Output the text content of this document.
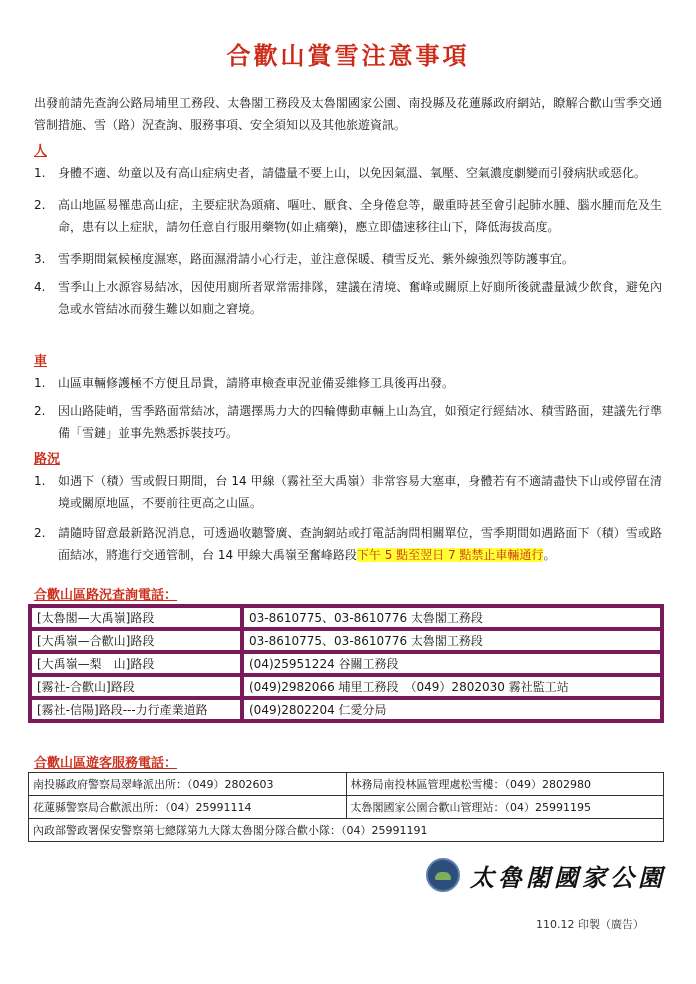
合歡山賞雪注意事項
出發前請先查詢公路局埔里工務段、太魯閣工務段及太魯閣國家公園、南投縣及花蓮縣政府網站，瞭解合歡山雪季交通管制措施、雪（路）況查詢、服務事項、安全須知以及其他旅遊資訊。
人
1.	身體不適、幼童以及有高山症病史者，請儘量不要上山，以免因氣溫、氧壓、空氣濃度劇變而引發病狀或惡化。
2.	高山地區易罹患高山症，主要症狀為頭痛、嘔吐、厭食、全身倦怠等，嚴重時甚至會引起肺水腫、腦水腫而危及生命，患有以上症狀，請勿任意自行服用藥物(如止痛藥)，應立即儘速移往山下，降低海拔高度。
3.	雪季期間氣候極度濕寒，路面濕滑請小心行走，並注意保暖、積雪反光、紫外線強烈等防護事宜。
4.	雪季山上水源容易結冰，因使用廁所者眾常需排隊，建議在清境、奮峰或關原上好廁所後就盡量減少飲食，避免內急或水管結冰而發生難以如廁之窘境。
車
1.	山區車輛修護極不方便且昂貴，請將車檢查車況並備妥維修工具後再出發。
2.	因山路陡峭，雪季路面常結冰，請選擇馬力大的四輪傳動車輛上山為宜，如預定行經結冰、積雪路面，建議先行準備「雪鏈」並事先熟悉拆裝技巧。
路況
1.	如遇下（積）雪或假日期間，台 14 甲線（霧社至大禹嶺）非常容易大塞車，身體若有不適請盡快下山或停留在清境或關原地區，不要前往更高之山區。
2.	請隨時留意最新路況消息，可透過收聽警廣、查詢網站或打電話詢問相關單位，雪季期間如遇路面下（積）雪或路面結冰，將進行交通管制，台 14 甲線大禹嶺至奮峰路段下午 5 點至翌日 7 點禁止車輛通行。
合歡山區路況查詢電話：
[太魯閣—大禹嶺]路段	03-8610775、03-8610776 太魯閣工務段
[大禹嶺—合歡山]路段	03-8610775、03-8610776 太魯閣工務段
[大禹嶺—梨　山]路段	(04)25951224 谷關工務段
[霧社-合歡山]路段	(049)2982066 埔里工務段　（049）2802030 霧社監工站
[霧社-信陽]路段---力行產業道路	(049)2802204 仁愛分局
合歡山區遊客服務電話：
南投縣政府警察局翠峰派出所：（049）2802603	林務局南投林區管理處松雪樓：（049）2802980
花蓮縣警察局合歡派出所：（04）25991114	太魯閣國家公園合歡山管理站：（04）25991195
內政部警政署保安警察第七總隊第九大隊太魯閣分隊合歡小隊：（04）25991191	
太魯閣國家公園
110.12 印製（廣告）
